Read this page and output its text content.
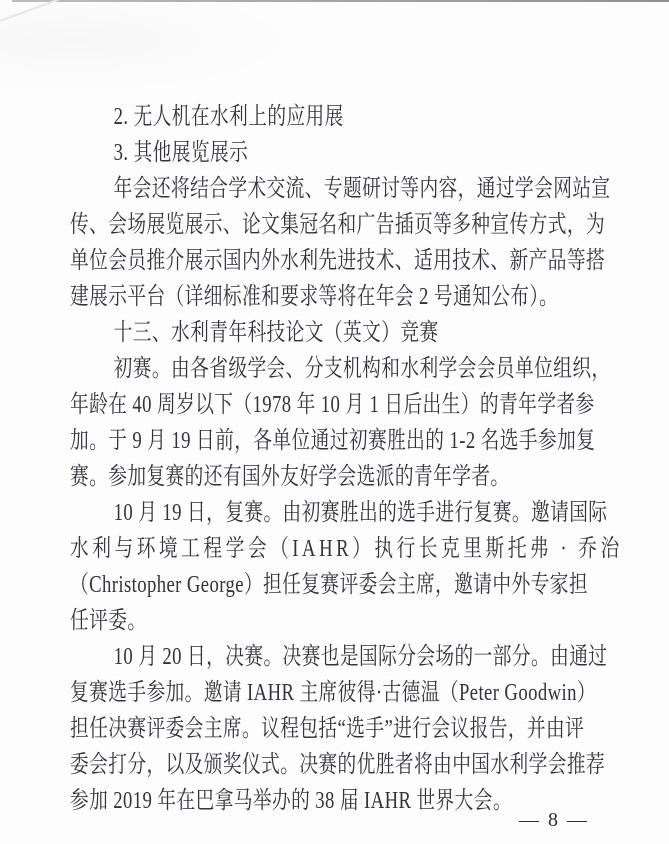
2. 无人机在水利上的应用展
3. 其他展览展示
年会还将结合学术交流、专题研讨等内容，通过学会网站宣
传、会场展览展示、论文集冠名和广告插页等多种宣传方式，为
单位会员推介展示国内外水利先进技术、适用技术、新产品等搭
建展示平台（详细标准和要求等将在年会 2 号通知公布）。
十三、水利青年科技论文（英文）竞赛
初赛。由各省级学会、分支机构和水利学会会员单位组织，
年龄在 40 周岁以下（1978 年 10 月 1 日后出生）的青年学者参
加。于 9 月 19 日前，各单位通过初赛胜出的 1-2 名选手参加复
赛。参加复赛的还有国外友好学会选派的青年学者。
10 月 19 日，复赛。由初赛胜出的选手进行复赛。邀请国际
水利与环境工程学会（IAHR）执行长克里斯托弗 · 乔治
（Christopher George）担任复赛评委会主席，邀请中外专家担
任评委。
10 月 20 日，决赛。决赛也是国际分会场的一部分。由通过
复赛选手参加。邀请 IAHR 主席彼得·古德温（Peter Goodwin）
担任决赛评委会主席。议程包括“选手”进行会议报告，并由评
委会打分，以及颁奖仪式。决赛的优胜者将由中国水利学会推荐
参加 2019 年在巴拿马举办的 38 届 IAHR 世界大会。
— 8 —
